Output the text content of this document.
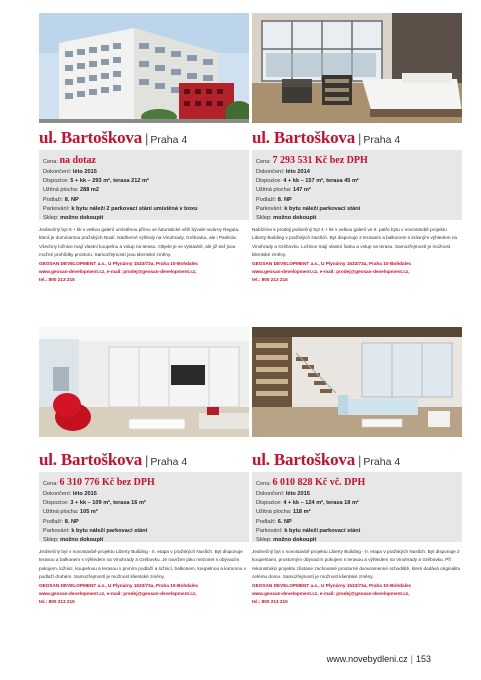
ul. Bartoškova | Praha 4
Cena: na dotaz
Dokončení: léto 2015
Dispozice: 5 + kk – 293 m², terasa 212 m²
Užitná plocha: 288 m2
Podlaží: 8. NP
Parkování: k bytu náleží 2 parkovací stání umístěná v boxu
Sklep: možno dokoupit

Jedinečný byt 5 + kk s velkou galerií umístěnou přímo ve futuristické věži bývalé továrny Regula, která je dominantou pražských Nuslí. Nádherné výhledy na Vinohrady, Grébovku, ale i Pankrác. Všechny ložnice mají vlastní koupelnu a vstup na terasu. Objekt je ve výstavbě, ale již teď jsou možné prohlídky prostoru. Samozřejmostí jsou klientské změny.

GEOSAN DEVELOPMENT a.s., U Plynárny 1533/73a, Praha 10-Bohdalec
www.geosan-development.cz, e-mail: prodej@geosan-development.cz,
tel.: 800 213 215
ul. Bartoškova | Praha 4
Cena: 7 293 531 Kč bez DPH
Dokončení: léto 2014
Dispozice: 4 + kk – 157 m², terasa 45 m²
Užitná plocha: 147 m²
Podlaží: 8. NP
Parkování: k bytu náleží parkovací stání
Sklep: možno dokoupit

Nabízíme k prodeji jedinečný byt 4 + kk s velkou galerií ve II. patře bytu v novostavbě projektu Liberty Building v pražských Nuslích. Byt disponuje 2 terasami a balkonem s krásným výhledem na Vinohrady a Grébovku. Ložnice mají vlastní šatnu a vstup na terasu. Samozřejmostí je možnost klientské změny.

GEOSAN DEVELOPMENT a.s., U Plynárny 1533/73a, Praha 10-Bohdalec
www.geosan-development.cz, e-mail: prodej@geosan-development.cz,
tel.: 800 213 215
ul. Bartoškova | Praha 4
Cena: 6 310 776 Kč bez DPH
Dokončení: léto 2015
Dispozice: 3 + kk – 109 m², terasa 16 m²
Užitná plocha: 105 m²
Podlaží: 8. NP
Parkování: k bytu náleží parkovací stání
Sklep: možno dokoupit

Jedinečný byt v novostavbě projektu Liberty Building - II. etapa v pražských Nuslích. Byt disponuje terasou a balkonem s výhledem na Vinohrady a Grébovku. Je navržen jako mezonet s obývacím pokojem, ložnicí, koupelnou a terasou v prvním podlaží a ložnicí, balkonem, koupelnou a komorou v podlaží druhém. Samozřejmostí je možnost klientské změny.

GEOSAN DEVELOPMENT a.s., U Plynárny 1533/73a, Praha 10-Bohdalec
www.geosan-development.cz, e-mail: prodej@geosan-development.cz,
tel.: 800 213 215
ul. Bartoškova | Praha 4
Cena: 6 010 828 Kč vč. DPH
Dokončení: léto 2015
Dispozice: 4 + kk – 124 m², terasa 18 m²
Užitná plocha: 118 m²
Podlaží: 6. NP
Parkování: k bytu náleží parkovací stání
Sklep: možno dokoupit

Jedinečný byt v novostavbě projektu Liberty Building - II. etapa v pražských Nuslích. Byt disponuje 2 koupelnami, prostorným obývacím pokojem s terasou a výhledem na Vinohrady a Grébovku. Při rekonstrukci projektu zůstane zachované prostorné dvouramenné schodiště, které dodává originalitu celému domu. Samozřejmostí je možnost klientské změny.

GEOSAN DEVELOPMENT a.s., U Plynárny 1533/73a, Praha 10-Bohdalec
www.geosan-development.cz, e-mail: prodej@geosan-development.cz,
tel.: 800 213 215
www.novebydleni.cz | 153
